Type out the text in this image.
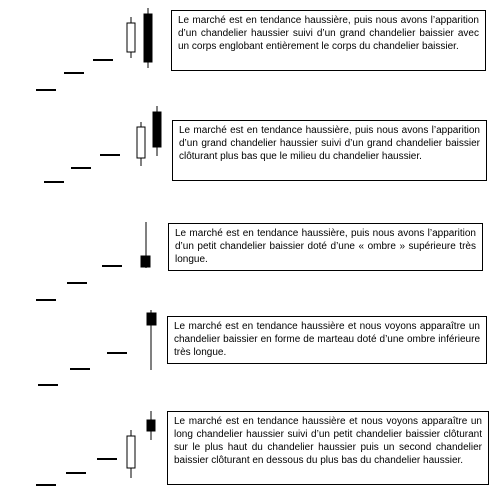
Le marché est en tendance haussière, puis nous avons l’apparition d’un chandelier haussier suivi d’un grand chandelier baissier avec un corps englobant entièrement le corps du chandelier baissier.
Le marché est en tendance haussière, puis nous avons l’apparition d’un grand chandelier haussier suivi d’un grand chandelier baissier clôturant plus bas que le milieu du chandelier haussier.
Le marché est en tendance haussière, puis nous avons l’apparition d’un petit chandelier baissier doté d’une « ombre » supérieure très longue.
Le marché est en tendance haussière et nous voyons apparaître un chandelier baissier en forme de marteau doté d’une ombre inférieure très longue.
Le marché est en tendance haussière et nous voyons apparaître un long chandelier haussier suivi d’un petit chandelier baissier clôturant sur le plus haut du chandelier haussier puis un second chandelier baissier clôturant en dessous du plus bas du chandelier haussier.
